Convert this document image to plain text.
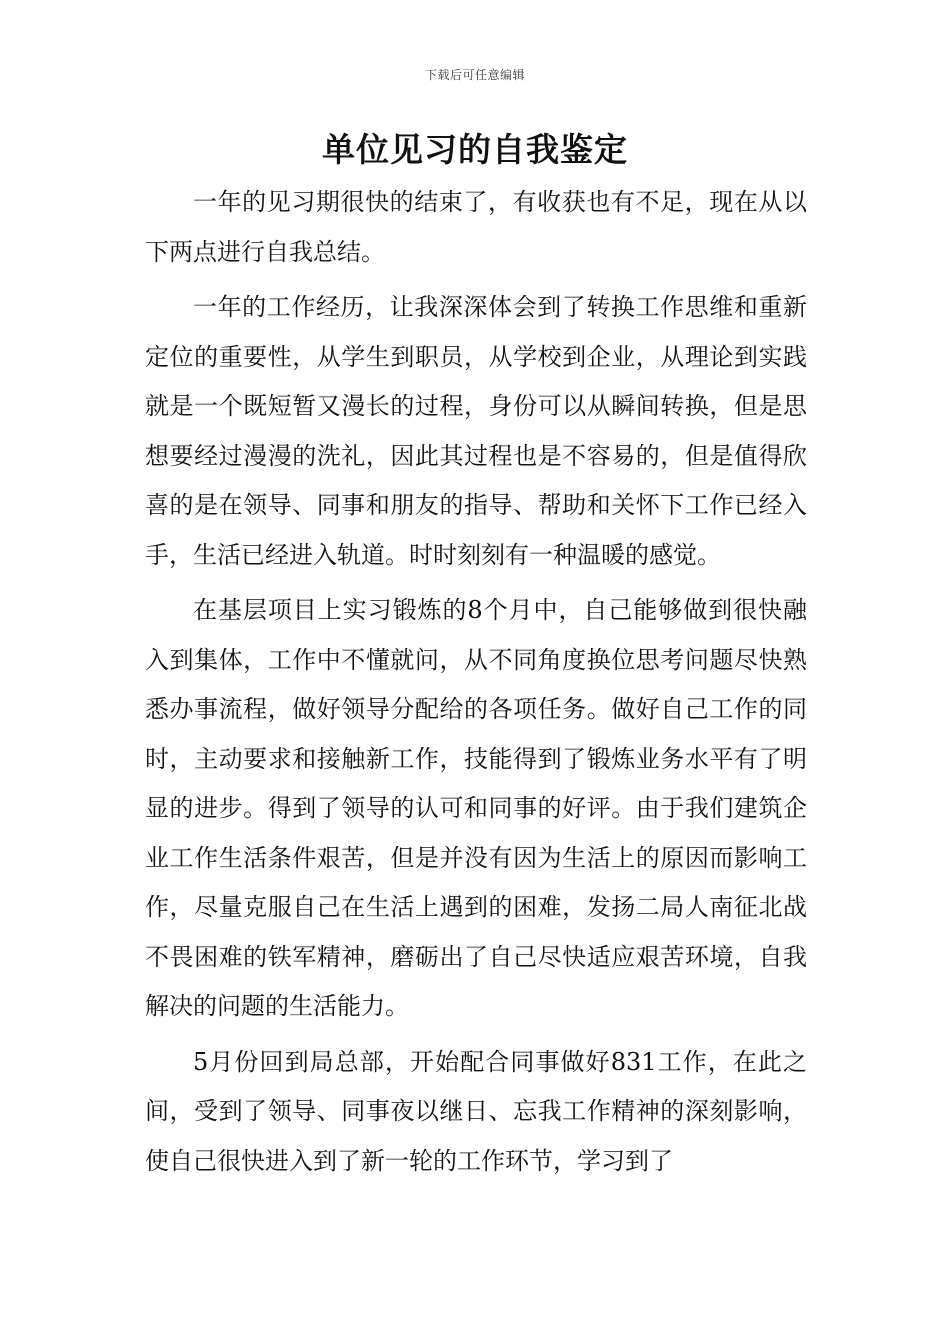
下载后可任意编辑
单位见习的自我鉴定

一年的见习期很快的结束了，有收获也有不足，现在从以下两点进行自我总结。

一年的工作经历，让我深深体会到了转换工作思维和重新定位的重要性，从学生到职员，从学校到企业，从理论到实践就是一个既短暂又漫长的过程，身份可以从瞬间转换，但是思想要经过漫漫的洗礼，因此其过程也是不容易的，但是值得欣喜的是在领导、同事和朋友的指导、帮助和关怀下工作已经入手，生活已经进入轨道。时时刻刻有一种温暖的感觉。

在基层项目上实习锻炼的8个月中，自己能够做到很快融入到集体，工作中不懂就问，从不同角度换位思考问题尽快熟悉办事流程，做好领导分配给的各项任务。做好自己工作的同时，主动要求和接触新工作，技能得到了锻炼业务水平有了明显的进步。得到了领导的认可和同事的好评。由于我们建筑企业工作生活条件艰苦，但是并没有因为生活上的原因而影响工作，尽量克服自己在生活上遇到的困难，发扬二局人南征北战不畏困难的铁军精神，磨砺出了自己尽快适应艰苦环境，自我解决的问题的生活能力。

5月份回到局总部，开始配合同事做好831工作，在此之间，受到了领导、同事夜以继日、忘我工作精神的深刻影响，使自己很快进入到了新一轮的工作环节，学习到了
